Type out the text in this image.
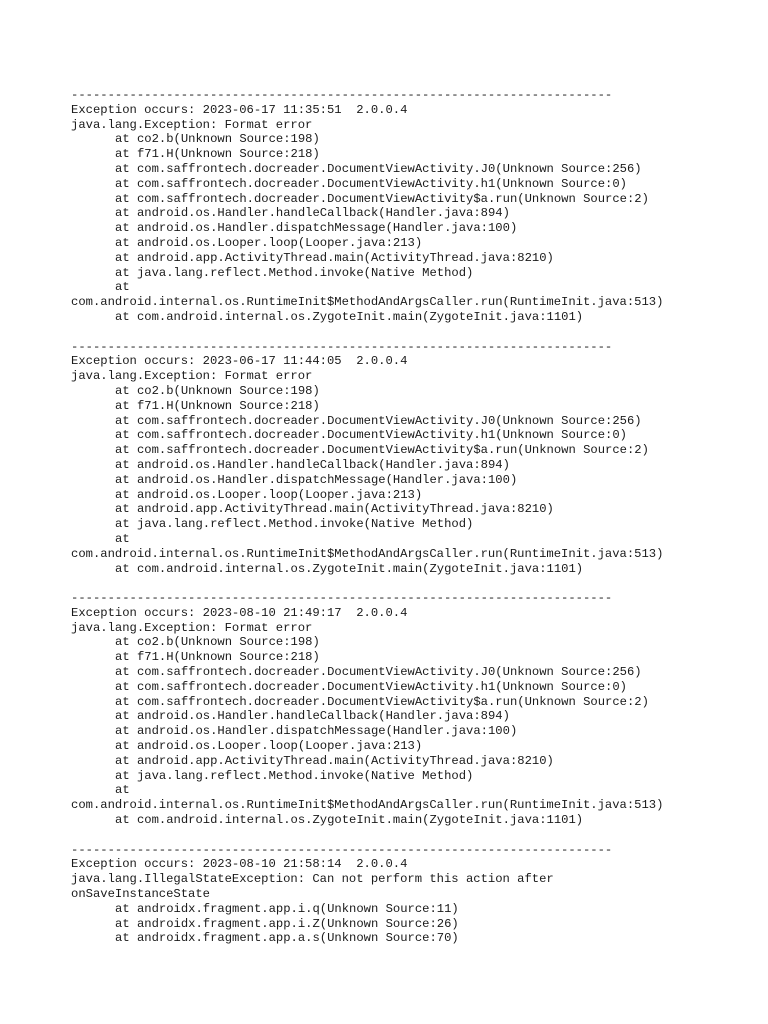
--------------------------------------------------------------------------
Exception occurs: 2023-06-17 11:35:51  2.0.0.4
java.lang.Exception: Format error
at co2.b(Unknown Source:198)
at f71.H(Unknown Source:218)
at com.saffrontech.docreader.DocumentViewActivity.J0(Unknown Source:256)
at com.saffrontech.docreader.DocumentViewActivity.h1(Unknown Source:0)
at com.saffrontech.docreader.DocumentViewActivity$a.run(Unknown Source:2)
at android.os.Handler.handleCallback(Handler.java:894)
at android.os.Handler.dispatchMessage(Handler.java:100)
at android.os.Looper.loop(Looper.java:213)
at android.app.ActivityThread.main(ActivityThread.java:8210)
at java.lang.reflect.Method.invoke(Native Method)
at
com.android.internal.os.RuntimeInit$MethodAndArgsCaller.run(RuntimeInit.java:513)
at com.android.internal.os.ZygoteInit.main(ZygoteInit.java:1101)
--------------------------------------------------------------------------
Exception occurs: 2023-06-17 11:44:05  2.0.0.4
java.lang.Exception: Format error
at co2.b(Unknown Source:198)
at f71.H(Unknown Source:218)
at com.saffrontech.docreader.DocumentViewActivity.J0(Unknown Source:256)
at com.saffrontech.docreader.DocumentViewActivity.h1(Unknown Source:0)
at com.saffrontech.docreader.DocumentViewActivity$a.run(Unknown Source:2)
at android.os.Handler.handleCallback(Handler.java:894)
at android.os.Handler.dispatchMessage(Handler.java:100)
at android.os.Looper.loop(Looper.java:213)
at android.app.ActivityThread.main(ActivityThread.java:8210)
at java.lang.reflect.Method.invoke(Native Method)
at
com.android.internal.os.RuntimeInit$MethodAndArgsCaller.run(RuntimeInit.java:513)
at com.android.internal.os.ZygoteInit.main(ZygoteInit.java:1101)
--------------------------------------------------------------------------
Exception occurs: 2023-08-10 21:49:17  2.0.0.4
java.lang.Exception: Format error
at co2.b(Unknown Source:198)
at f71.H(Unknown Source:218)
at com.saffrontech.docreader.DocumentViewActivity.J0(Unknown Source:256)
at com.saffrontech.docreader.DocumentViewActivity.h1(Unknown Source:0)
at com.saffrontech.docreader.DocumentViewActivity$a.run(Unknown Source:2)
at android.os.Handler.handleCallback(Handler.java:894)
at android.os.Handler.dispatchMessage(Handler.java:100)
at android.os.Looper.loop(Looper.java:213)
at android.app.ActivityThread.main(ActivityThread.java:8210)
at java.lang.reflect.Method.invoke(Native Method)
at
com.android.internal.os.RuntimeInit$MethodAndArgsCaller.run(RuntimeInit.java:513)
at com.android.internal.os.ZygoteInit.main(ZygoteInit.java:1101)
--------------------------------------------------------------------------
Exception occurs: 2023-08-10 21:58:14  2.0.0.4
java.lang.IllegalStateException: Can not perform this action after
onSaveInstanceState
at androidx.fragment.app.i.q(Unknown Source:11)
at androidx.fragment.app.i.Z(Unknown Source:26)
at androidx.fragment.app.a.s(Unknown Source:70)
